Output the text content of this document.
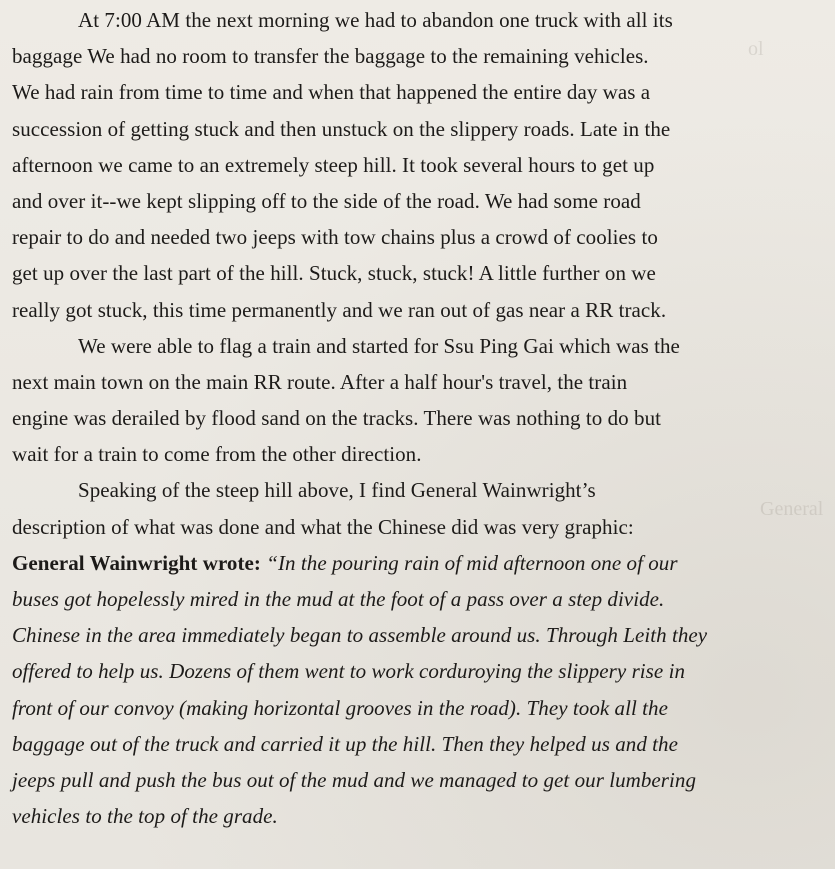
ol
General
At 7:00 AM the next morning we had to abandon one truck with all its
baggage We had no room to transfer the baggage to the remaining vehicles.
We had rain from time to time and when that happened the entire day was a
succession of getting stuck and then unstuck on the slippery roads. Late in the
afternoon we came to an extremely steep hill. It took several hours to get up
and over it--we kept slipping off to the side of the road. We had some road
repair to do and needed two jeeps with tow chains plus a crowd of coolies to
get up over the last part of the hill. Stuck, stuck, stuck! A little further on we
really got stuck, this time permanently and we ran out of gas near a RR track.
We were able to flag a train and started for Ssu Ping Gai which was the
next main town on the main RR route. After a half hour's travel, the train
engine was derailed by flood sand on the tracks. There was nothing to do but
wait for a train to come from the other direction.
Speaking of the steep hill above, I find General Wainwright’s
description of what was done and what the Chinese did was very graphic:
General Wainwright wrote: “In the pouring rain of mid afternoon one of our
buses got hopelessly mired in the mud at the foot of a pass over a step divide.
Chinese in the area immediately began to assemble around us. Through Leith they
offered to help us. Dozens of them went to work corduroying the slippery rise in
front of our convoy (making horizontal grooves in the road). They took all the
baggage out of the truck and carried it up the hill. Then they helped us and the
jeeps pull and push the bus out of the mud and we managed to get our lumbering
vehicles to the top of the grade.
